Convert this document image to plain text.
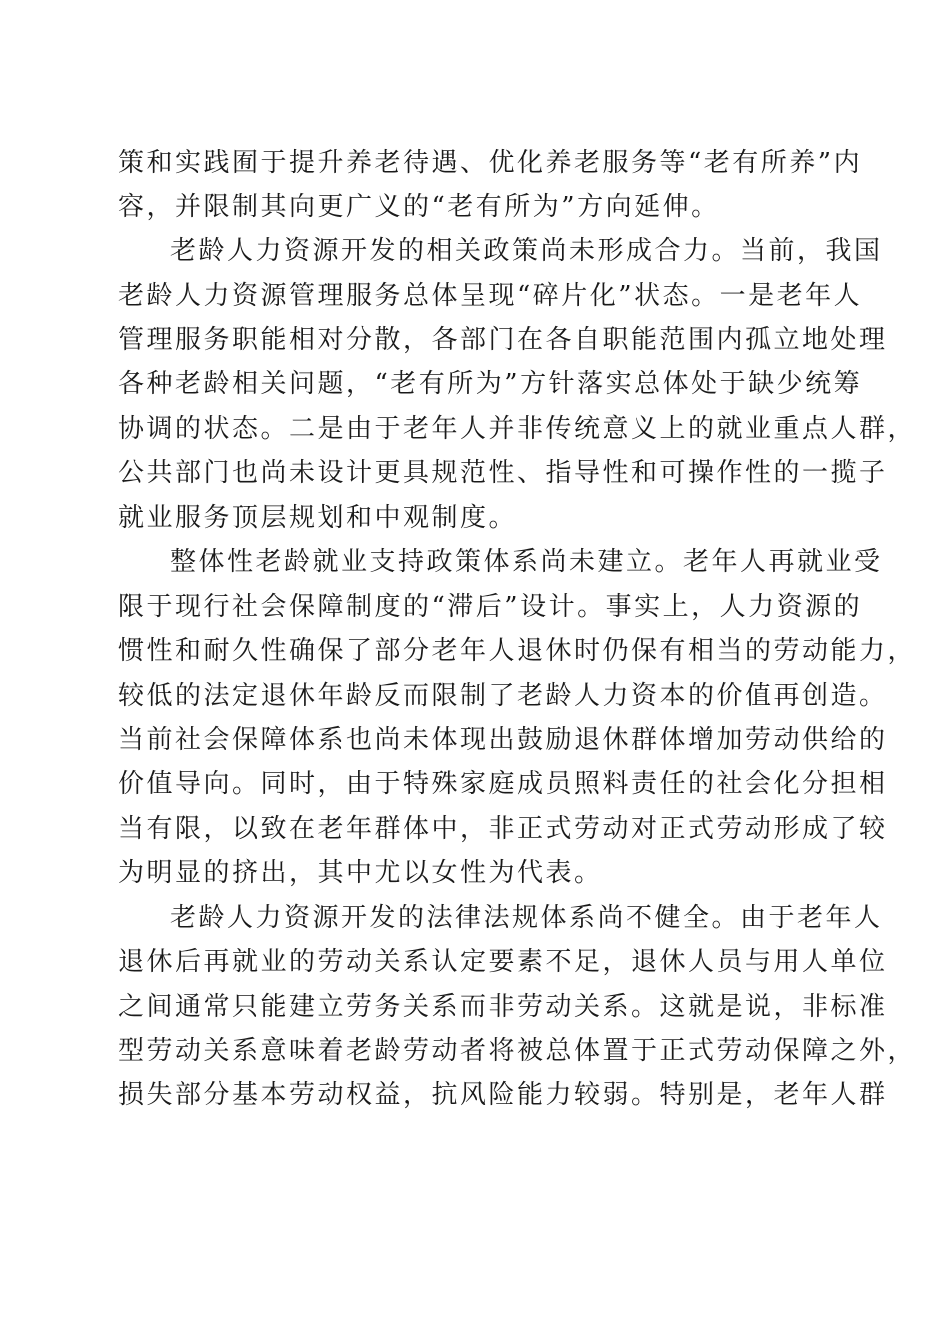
策和实践囿于提升养老待遇、优化养老服务等“老有所养”内
容，并限制其向更广义的“老有所为”方向延伸。
老龄人力资源开发的相关政策尚未形成合力。当前，我国
老龄人力资源管理服务总体呈现“碎片化”状态。一是老年人
管理服务职能相对分散，各部门在各自职能范围内孤立地处理
各种老龄相关问题，“老有所为”方针落实总体处于缺少统筹
协调的状态。二是由于老年人并非传统意义上的就业重点人群，
公共部门也尚未设计更具规范性、指导性和可操作性的一揽子
就业服务顶层规划和中观制度。
整体性老龄就业支持政策体系尚未建立。老年人再就业受
限于现行社会保障制度的“滞后”设计。事实上，人力资源的
惯性和耐久性确保了部分老年人退休时仍保有相当的劳动能力，
较低的法定退休年龄反而限制了老龄人力资本的价值再创造。
当前社会保障体系也尚未体现出鼓励退休群体增加劳动供给的
价值导向。同时，由于特殊家庭成员照料责任的社会化分担相
当有限，以致在老年群体中，非正式劳动对正式劳动形成了较
为明显的挤出，其中尤以女性为代表。
老龄人力资源开发的法律法规体系尚不健全。由于老年人
退休后再就业的劳动关系认定要素不足，退休人员与用人单位
之间通常只能建立劳务关系而非劳动关系。这就是说，非标准
型劳动关系意味着老龄劳动者将被总体置于正式劳动保障之外，
损失部分基本劳动权益，抗风险能力较弱。特别是，老年人群
